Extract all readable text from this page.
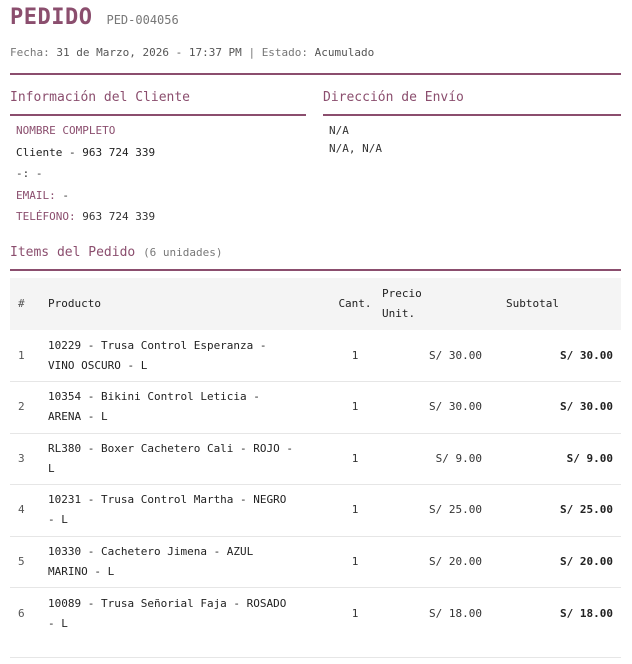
PEDIDO PED-004056
Fecha: 31 de Marzo, 2026 - 17:37 PM | Estado: Acumulado
Información del Cliente	Dirección de Envío
NOMBRE COMPLETO
Cliente - 963 724 339
-: -
EMAIL: -
TELÉFONO: 963 724 339
N/A
N/A, N/A
Items del Pedido (6 unidades)
#	Producto	Cant.	Precio
Unit.	Subtotal
1	10229 - Trusa Control Esperanza -
VINO OSCURO - L	1	S/ 30.00	S/ 30.00
2	10354 - Bikini Control Leticia -
ARENA - L	1	S/ 30.00	S/ 30.00
3	RL380 - Boxer Cachetero Cali - ROJO -
L	1	S/ 9.00	S/ 9.00
4	10231 - Trusa Control Martha - NEGRO
- L	1	S/ 25.00	S/ 25.00
5	10330 - Cachetero Jimena - AZUL
MARINO - L	1	S/ 20.00	S/ 20.00
6	10089 - Trusa Señorial Faja - ROSADO
- L	1	S/ 18.00	S/ 18.00
